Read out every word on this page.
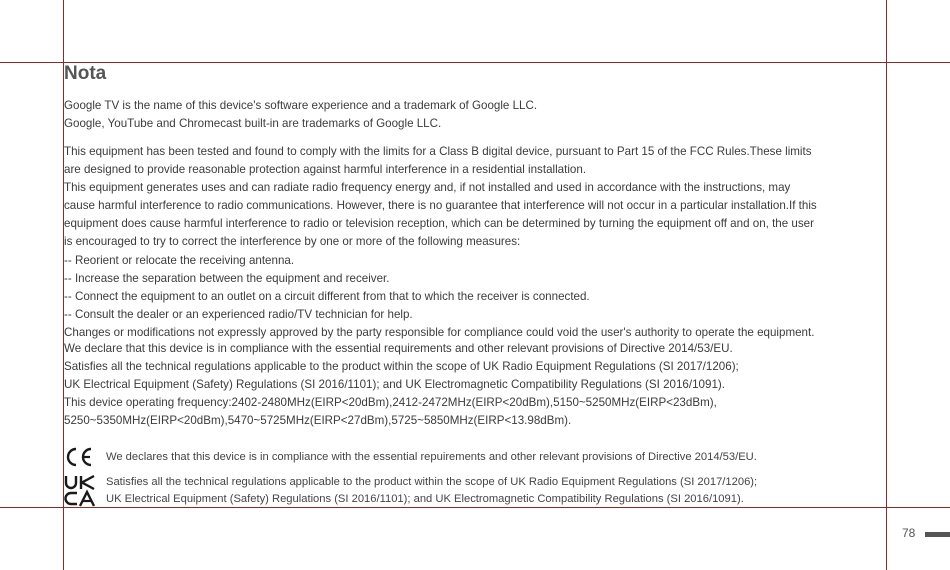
Nota
Google TV is the name of this device's software experience and a trademark of Google LLC.
Google, YouTube and Chromecast built-in are trademarks of Google LLC.
This equipment has been tested and found to comply with the limits for a Class B digital device, pursuant to Part 15 of the FCC Rules.These limits
are designed to provide reasonable protection against harmful interference in a residential installation.
This equipment generates uses and can radiate radio frequency energy and, if not installed and used in accordance with the instructions, may
cause harmful interference to radio communications. However, there is no guarantee that interference will not occur in a particular installation.If this
equipment does cause harmful interference to radio or television reception, which can be determined by turning the equipment off and on, the user
is encouraged to try to correct the interference by one or more of the following measures:
-- Reorient or relocate the receiving antenna.
-- Increase the separation between the equipment and receiver.
-- Connect the equipment to an outlet on a circuit different from that to which the receiver is connected.
-- Consult the dealer or an experienced radio/TV technician for help.
Changes or modifications not expressly approved by the party responsible for compliance could void the user's authority to operate the equipment.
We declare that this device is in compliance with the essential requirements and other relevant provisions of Directive 2014/53/EU.
Satisfies all the technical regulations applicable to the product within the scope of UK Radio Equipment Regulations (SI 2017/1206);
UK Electrical Equipment (Safety) Regulations (SI 2016/1101); and UK Electromagnetic Compatibility Regulations (SI 2016/1091).
This device operating frequency:2402-2480MHz(EIRP<20dBm),2412-2472MHz(EIRP<20dBm),5150~5250MHz(EIRP<23dBm),
5250~5350MHz(EIRP<20dBm),5470~5725MHz(EIRP<27dBm),5725~5850MHz(EIRP<13.98dBm).
We declares that this device is in compliance with the essential repuirements and other relevant provisions of Directive 2014/53/EU.
Satisfies all the technical regulations applicable to the product within the scope of UK Radio Equipment Regulations (SI 2017/1206);
UK Electrical Equipment (Safety) Regulations (SI 2016/1101); and UK Electromagnetic Compatibility Regulations (SI 2016/1091).
78
